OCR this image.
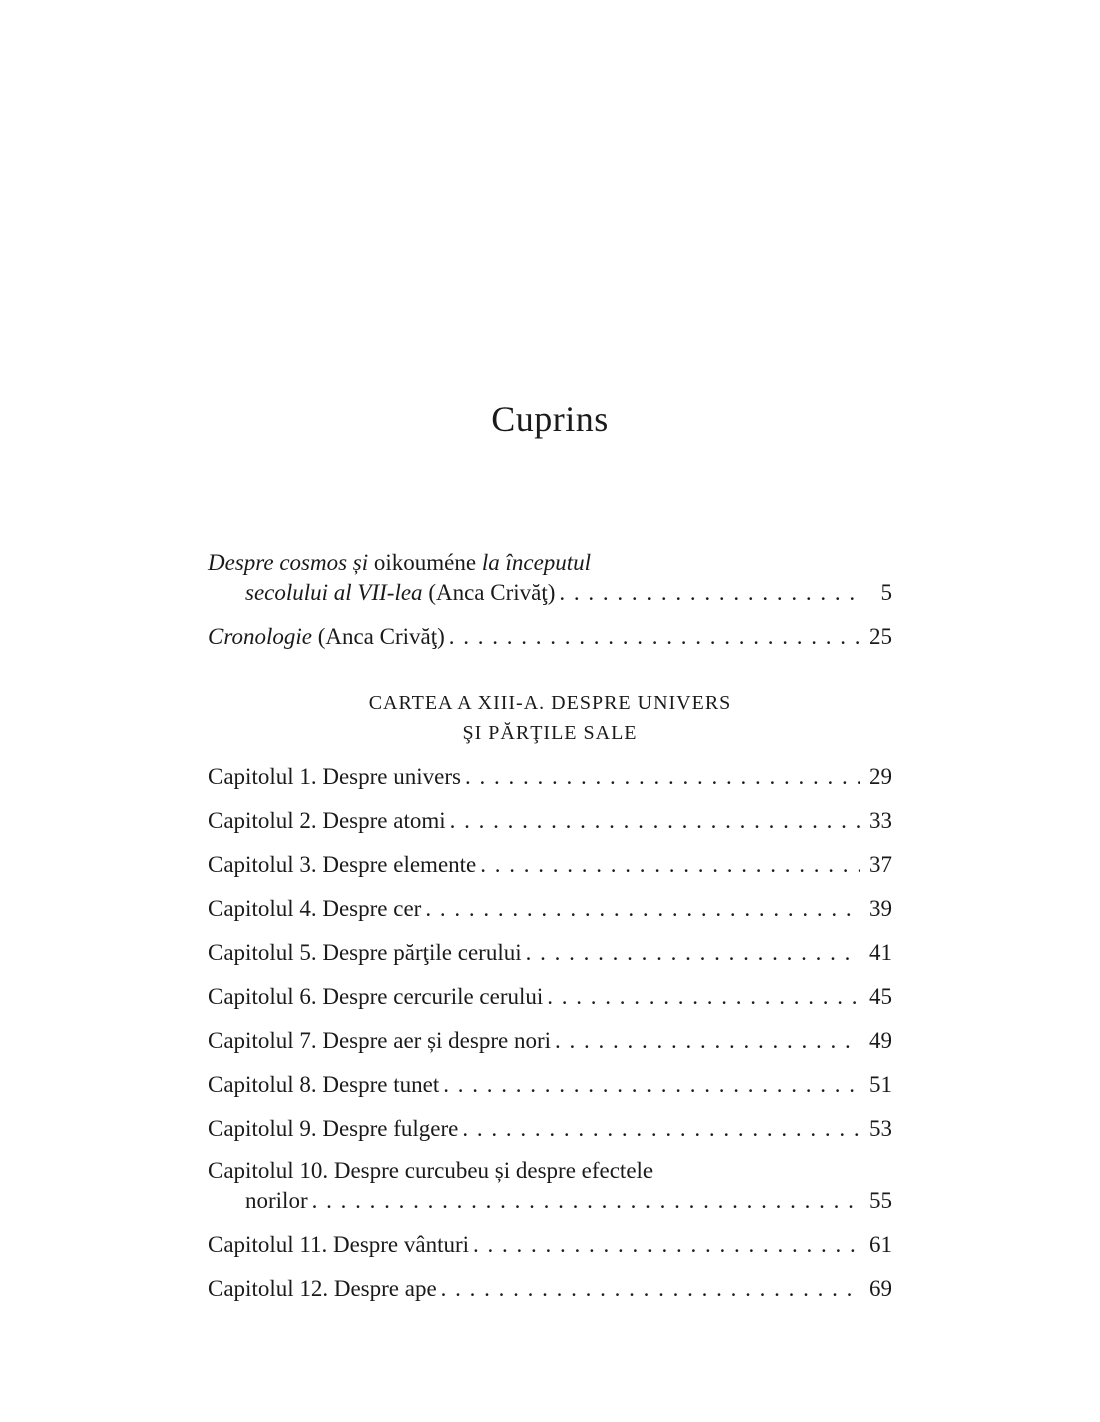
Cuprins
Despre cosmos și oikouméne la începutul
secolului al VII-lea (Anca Crivăţ) . . .	5
Cronologie (Anca Crivăţ) . . .	25
CARTEA A XIII-A. DESPRE UNIVERS
ŞI PĂRŢILE SALE
Capitolul 1. Despre univers . . .	29
Capitolul 2. Despre atomi . . .	33
Capitolul 3. Despre elemente . . .	37
Capitolul 4. Despre cer . . .	39
Capitolul 5. Despre părţile cerului . . .	41
Capitolul 6. Despre cercurile cerului . . .	45
Capitolul 7. Despre aer și despre nori . . .	49
Capitolul 8. Despre tunet . . .	51
Capitolul 9. Despre fulgere . . .	53
Capitolul 10. Despre curcubeu și despre efectele
norilor . . .	55
Capitolul 11. Despre vânturi . . .	61
Capitolul 12. Despre ape . . .	69
